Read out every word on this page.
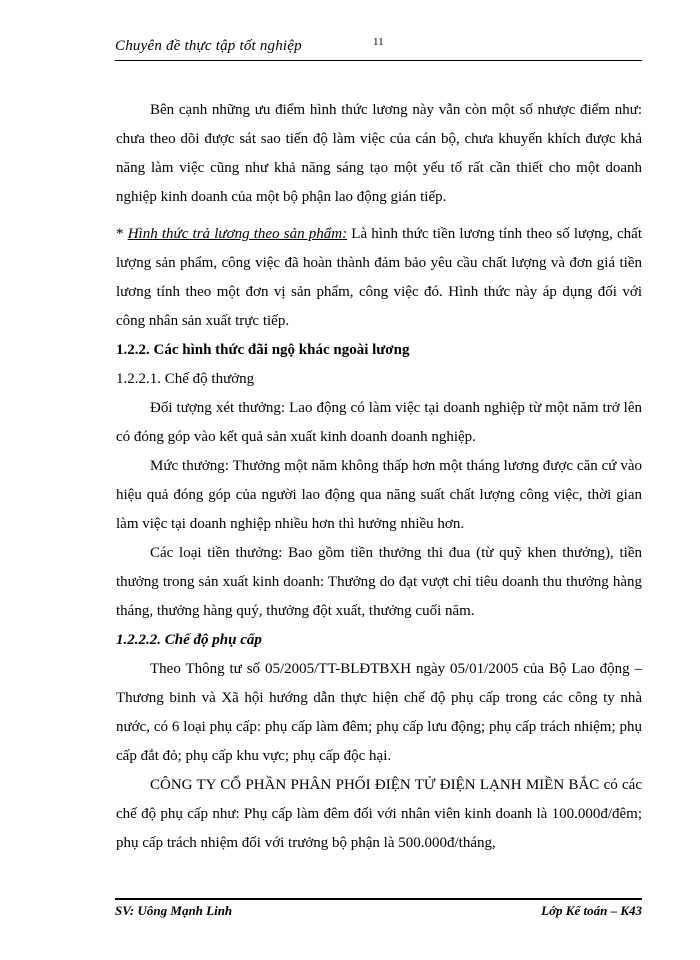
Chuyên đề thực tập tốt nghiệp	11

Bên cạnh những ưu điểm hình thức lương này vẫn còn một số nhược điểm như: chưa theo dõi được sát sao tiến độ làm việc của cán bộ, chưa khuyến khích được khả năng làm việc cũng như khả năng sáng tạo một yếu tố rất cần thiết cho một doanh nghiệp kinh doanh của một bộ phận lao động gián tiếp.

* Hình thức trả lương theo sản phẩm: Là hình thức tiền lương tính theo số lượng, chất lượng sản phẩm, công việc đã hoàn thành đảm bảo yêu cầu chất lượng và đơn giá tiền lương tính theo một đơn vị sản phẩm, công việc đó. Hình thức này áp dụng đối với công nhân sản xuất trực tiếp.

1.2.2. Các hình thức đãi ngộ khác ngoài lương

1.2.2.1. Chế độ thưởng

Đối tượng xét thưởng: Lao động có làm việc tại doanh nghiệp từ một năm trở lên có đóng góp vào kết quả sản xuất kinh doanh doanh nghiệp.

Mức thưởng: Thưởng một năm không thấp hơn một tháng lương được căn cứ vào hiệu quả đóng góp của người lao động qua năng suất chất lượng công việc, thời gian làm việc tại doanh nghiệp nhiều hơn thì hưởng nhiều hơn.

Các loại tiền thưởng: Bao gồm tiền thưởng thi đua (từ quỹ khen thưởng), tiền thưởng trong sản xuất kinh doanh: Thưởng do đạt vượt chỉ tiêu doanh thu thưởng hàng tháng, thưởng hàng quý, thưởng đột xuất, thưởng cuối năm.

1.2.2.2. Chế độ phụ cấp

Theo Thông tư số 05/2005/TT-BLĐTBXH ngày 05/01/2005 của Bộ Lao động – Thương binh và Xã hội hướng dẫn thực hiện chế độ phụ cấp trong các công ty nhà nước, có 6 loại phụ cấp: phụ cấp làm đêm; phụ cấp lưu động; phụ cấp trách nhiệm; phụ cấp đắt đỏ; phụ cấp khu vực; phụ cấp độc hại.

CÔNG TY CỔ PHẦN PHÂN PHỐI ĐIỆN TỬ ĐIỆN LẠNH MIỀN BẮC có các chế độ phụ cấp như: Phụ cấp làm đêm đối với nhân viên kinh doanh là 100.000đ/đêm; phụ cấp trách nhiệm đối với trưởng bộ phận là 500.000đ/tháng,

SV: Uông Mạnh Linh	Lớp Kế toán – K43
